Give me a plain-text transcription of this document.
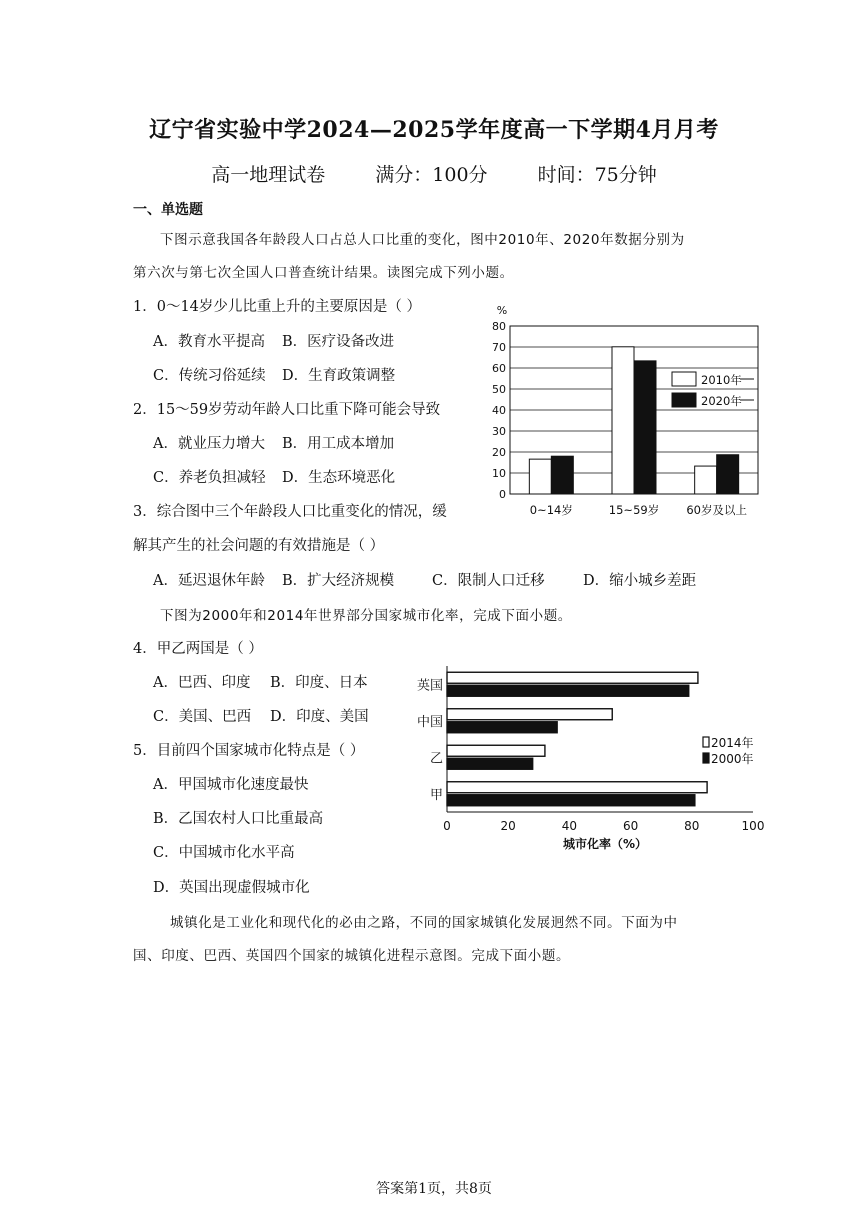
辽宁省实验中学2024—2025学年度高一下学期4月月考
高一地理试卷	满分：100分	时间：75分钟
一、单选题
下图示意我国各年龄段人口占总人口比重的变化，图中2010年、2020年数据分别为
第六次与第七次全国人口普查统计结果。读图完成下列小题。
1．0～14岁少儿比重上升的主要原因是（ ）
A．教育水平提高 B．医疗设备改进
C．传统习俗延续 D．生育政策调整
2．15～59岁劳动年龄人口比重下降可能会导致
A．就业压力增大 B．用工成本增加
C．养老负担减轻 D．生态环境恶化
3．综合图中三个年龄段人口比重变化的情况，缓
解其产生的社会问题的有效措施是（ ）
A．延迟退休年龄 B．扩大经济规模	C．限制人口迁移	D．缩小城乡差距
下图为2000年和2014年世界部分国家城市化率，完成下面小题。
4．甲乙两国是（ ）
A．巴西、印度 B．印度、日本
C．美国、巴西 D．印度、美国
5．目前四个国家城市化特点是（ ）
A．甲国城市化速度最快
B．乙国农村人口比重最高
C．中国城市化水平高
D．英国出现虚假城市化
城镇化是工业化和现代化的必由之路，不同的国家城镇化发展迥然不同。下面为中
国、印度、巴西、英国四个国家的城镇化进程示意图。完成下面小题。
%
0
10
20
30
40
50
60
70
80
0~14岁	15~59岁 60岁及以上
2010年
2020年
0	20	40	60	80	100
城市化率（%）
英国
中国
乙
甲
2014年
2000年
答案第1页，共8页
